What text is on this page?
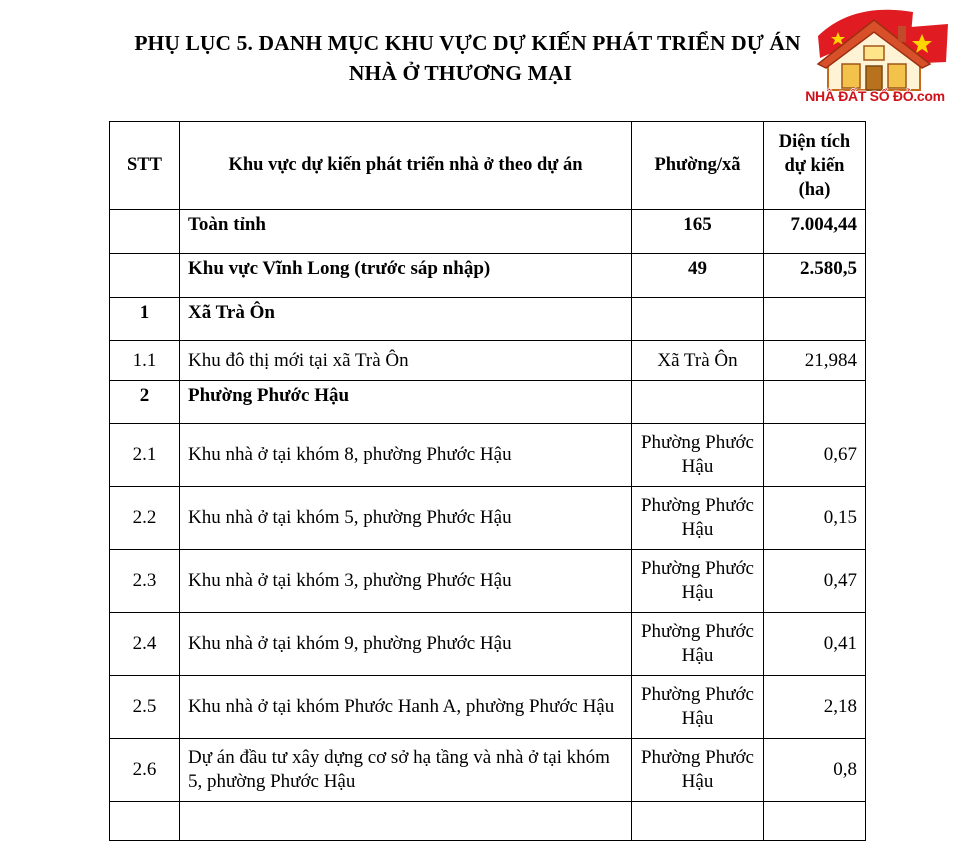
PHỤ LỤC 5. DANH MỤC KHU VỰC DỰ KIẾN PHÁT TRIỂN DỰ ÁN
NHÀ Ở THƯƠNG MẠI
NHÀ ĐẤT SỔ ĐỎ.com
STT	Khu vực dự kiến phát triển nhà ở theo dự án	Phường/xã	Diện tích dự kiến (ha)
	Toàn tỉnh	165	7.004,44
	Khu vực Vĩnh Long (trước sáp nhập)	49	2.580,5
1	Xã Trà Ôn		
1.1	Khu đô thị mới tại xã Trà Ôn	Xã Trà Ôn	21,984
2	Phường Phước Hậu		
2.1	Khu nhà ở tại khóm 8, phường Phước Hậu	Phường Phước Hậu	0,67
2.2	Khu nhà ở tại khóm 5, phường Phước Hậu	Phường Phước Hậu	0,15
2.3	Khu nhà ở tại khóm 3, phường Phước Hậu	Phường Phước Hậu	0,47
2.4	Khu nhà ở tại khóm 9, phường Phước Hậu	Phường Phước Hậu	0,41
2.5	Khu nhà ở tại khóm Phước Hanh A, phường Phước Hậu	Phường Phước Hậu	2,18
2.6	Dự án đầu tư xây dựng cơ sở hạ tầng và nhà ở tại khóm 5, phường Phước Hậu	Phường Phước Hậu	0,8
